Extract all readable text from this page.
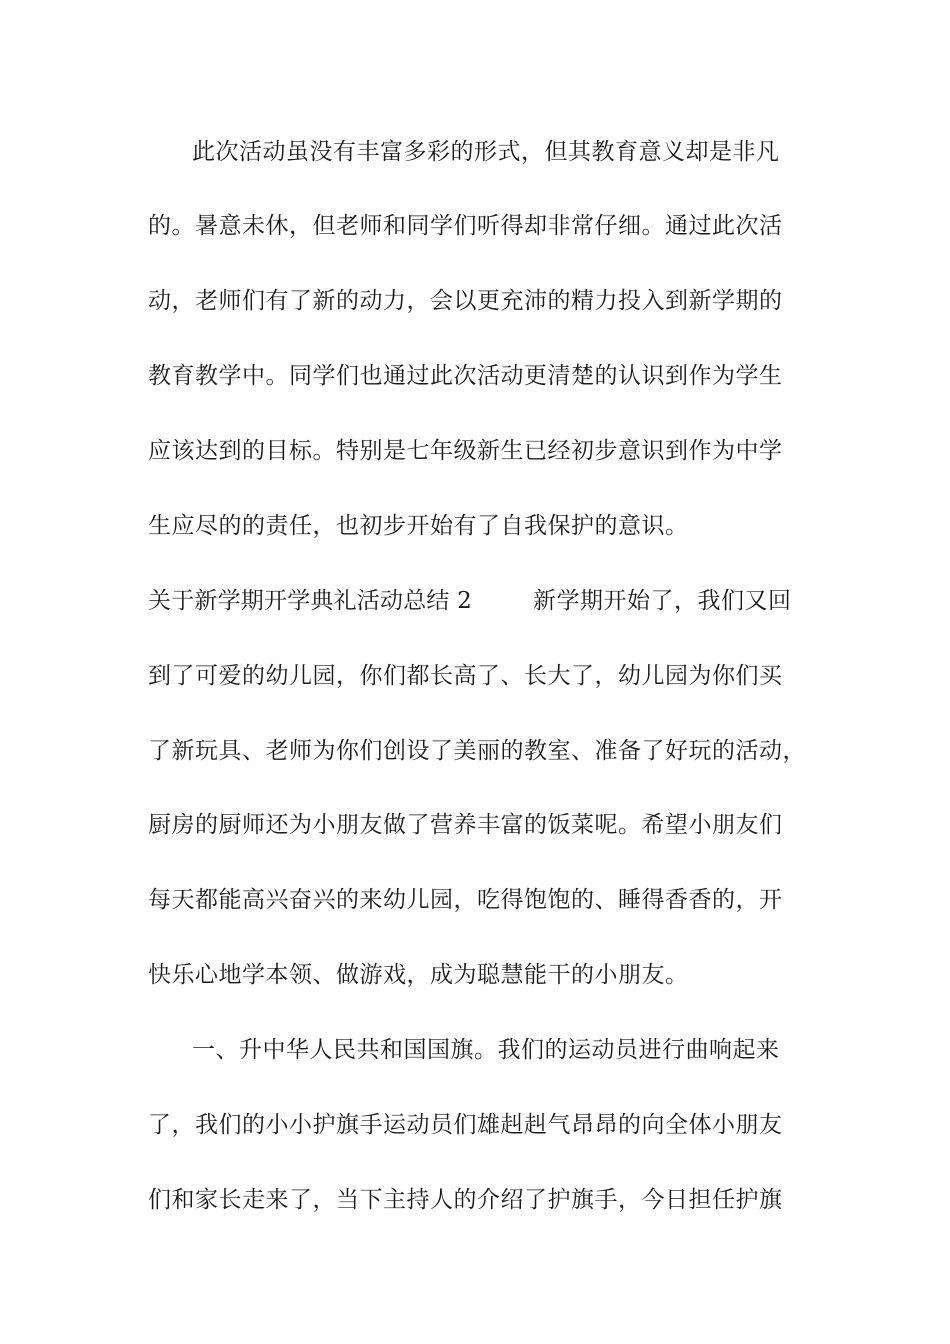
此次活动虽没有丰富多彩的形式，但其教育意义却是非凡
的。暑意未休，但老师和同学们听得却非常仔细。通过此次活
动，老师们有了新的动力，会以更充沛的精力投入到新学期的
教育教学中。同学们也通过此次活动更清楚的认识到作为学生
应该达到的目标。特别是七年级新生已经初步意识到作为中学
生应尽的的责任，也初步开始有了自我保护的意识。
关于新学期开学典礼活动总结 2	新学期开始了，我们又回
到了可爱的幼儿园，你们都长高了、长大了，幼儿园为你们买
了新玩具、老师为你们创设了美丽的教室、准备了好玩的活动，
厨房的厨师还为小朋友做了营养丰富的饭菜呢。希望小朋友们
每天都能高兴奋兴的来幼儿园，吃得饱饱的、睡得香香的，开
快乐心地学本领、做游戏，成为聪慧能干的小朋友。
一、升中华人民共和国国旗。我们的运动员进行曲响起来
了，我们的小小护旗手运动员们雄赳赳气昂昂的向全体小朋友
们和家长走来了，当下主持人的介绍了护旗手，今日担任护旗
